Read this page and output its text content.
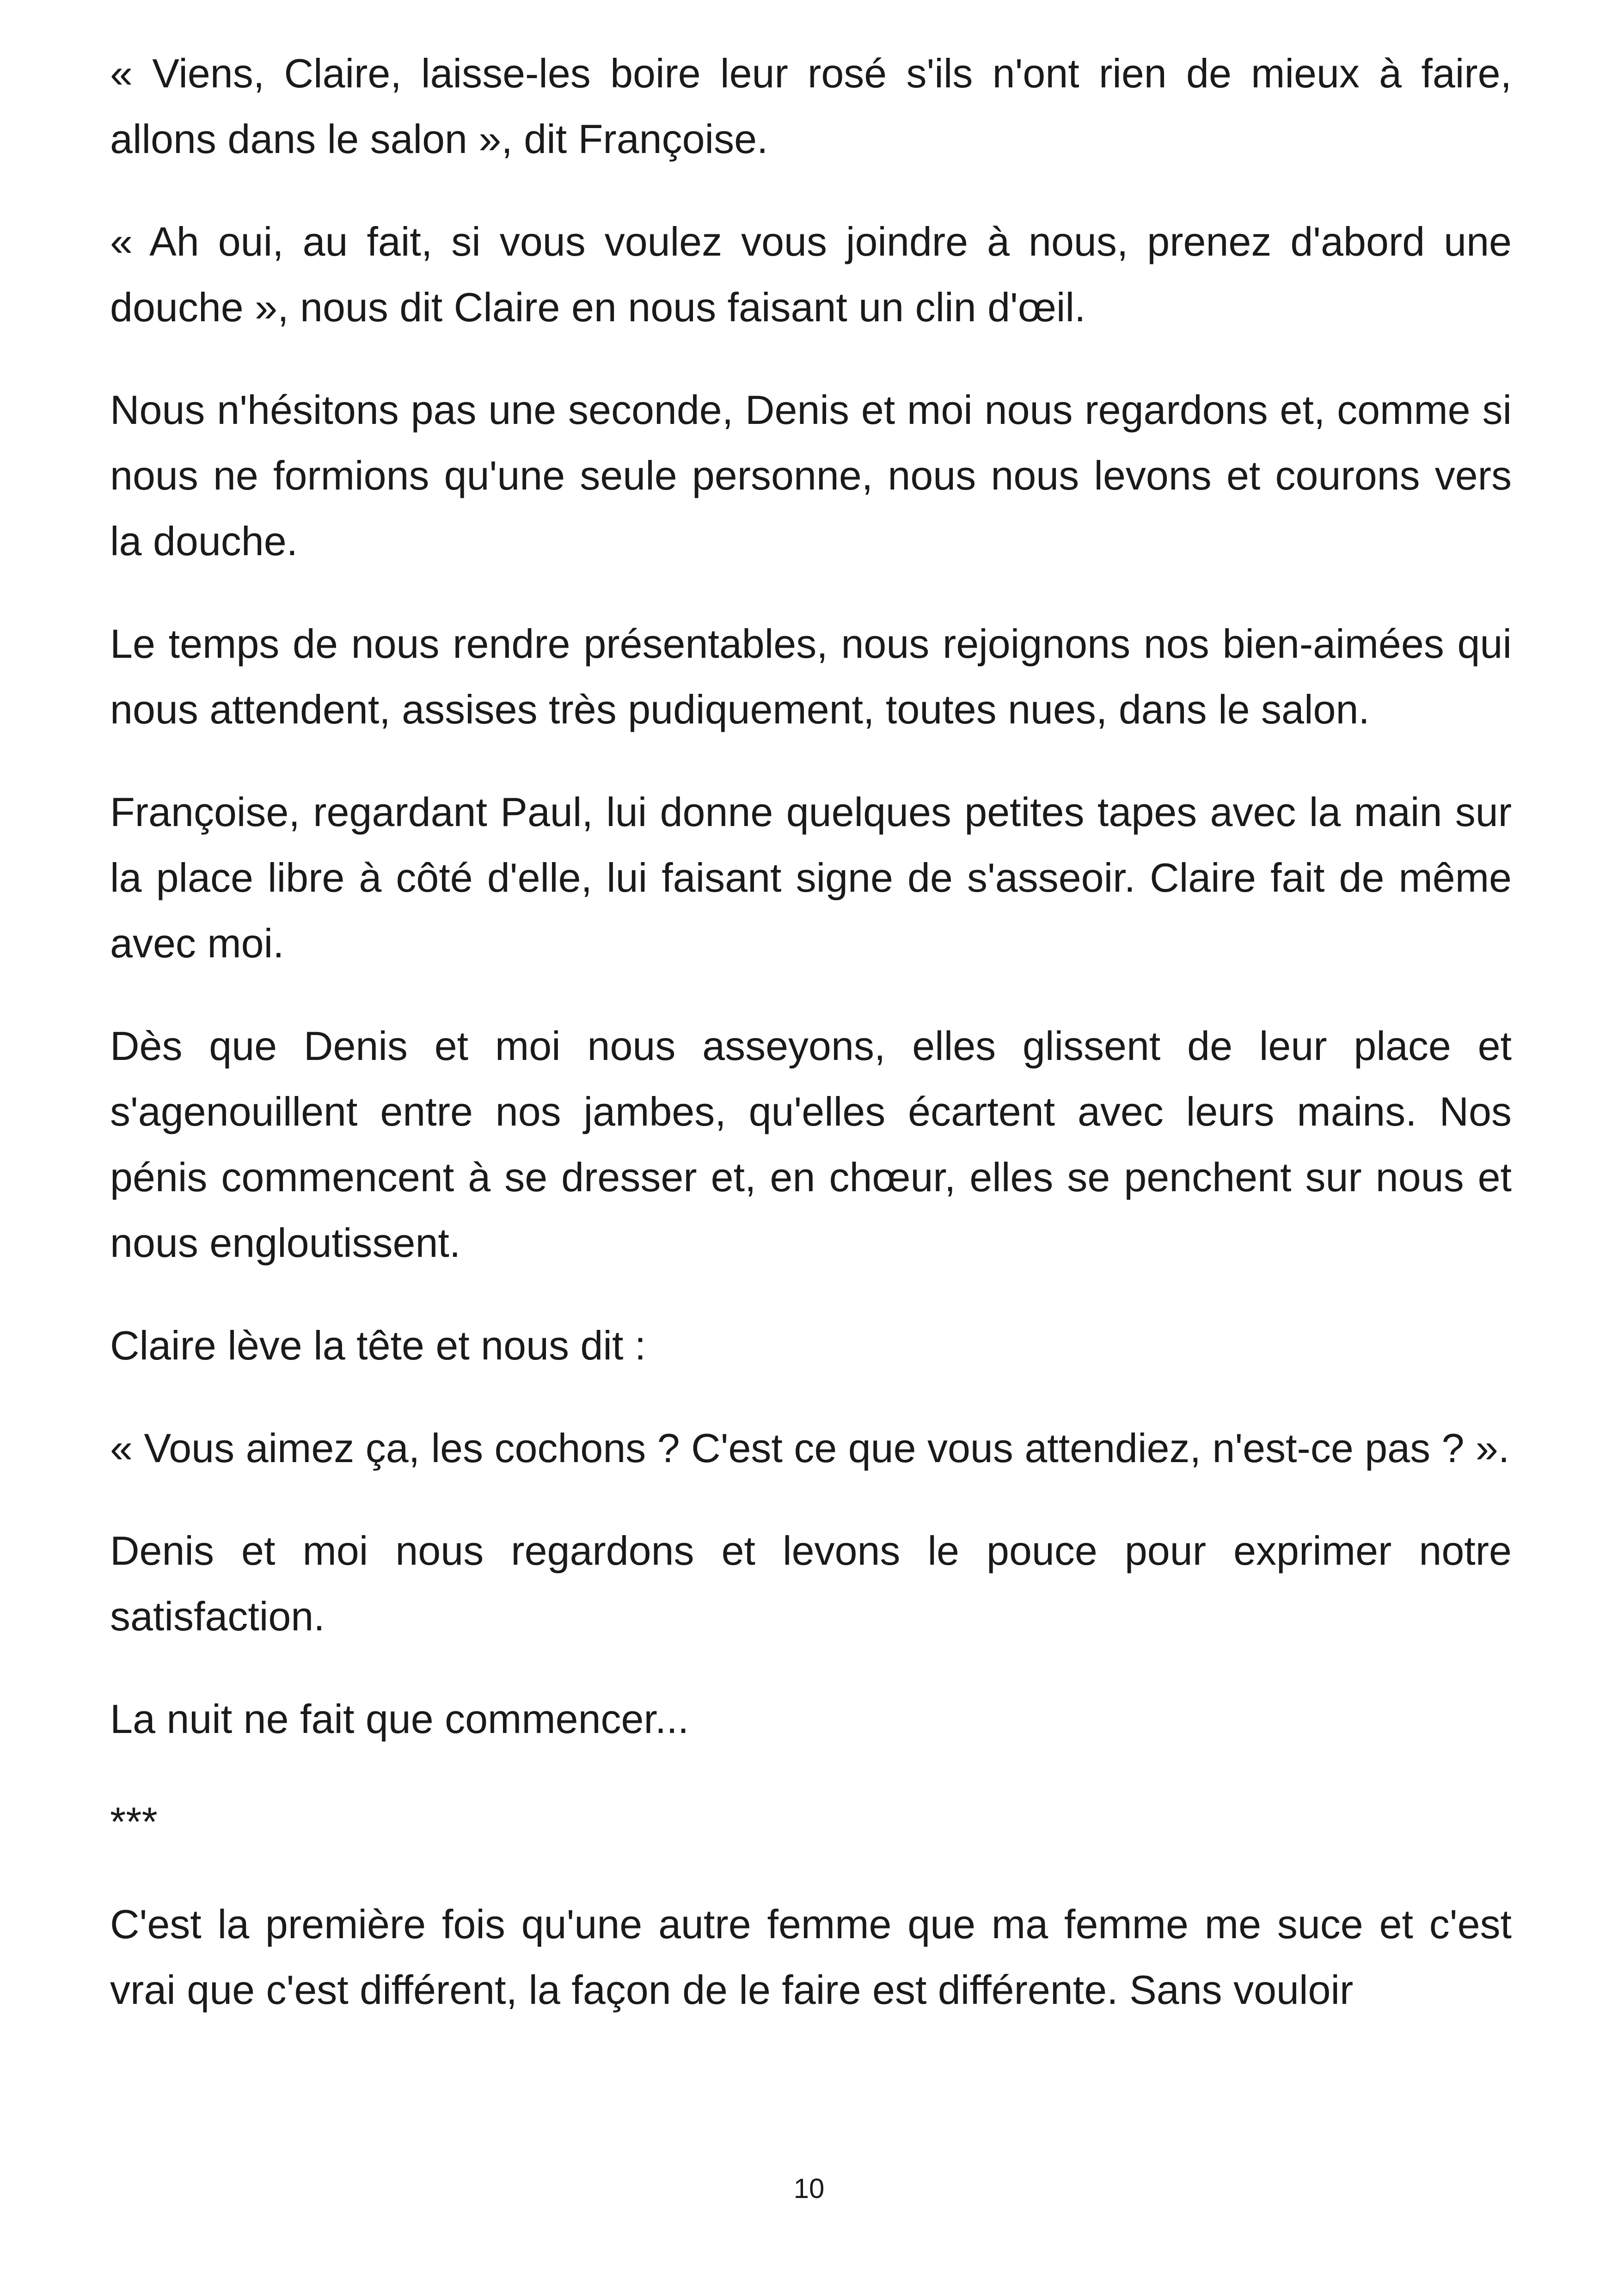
« Viens, Claire, laisse-les boire leur rosé s'ils n'ont rien de mieux à faire, allons dans le salon », dit Françoise.

« Ah oui, au fait, si vous voulez vous joindre à nous, prenez d'abord une douche », nous dit Claire en nous faisant un clin d'œil.

Nous n'hésitons pas une seconde, Denis et moi nous regardons et, comme si nous ne formions qu'une seule personne, nous nous levons et courons vers la douche.

Le temps de nous rendre présentables, nous rejoignons nos bien-aimées qui nous attendent, assises très pudiquement, toutes nues, dans le salon.

Françoise, regardant Paul, lui donne quelques petites tapes avec la main sur la place libre à côté d'elle, lui faisant signe de s'asseoir. Claire fait de même avec moi.

Dès que Denis et moi nous asseyons, elles glissent de leur place et s'agenouillent entre nos jambes, qu'elles écartent avec leurs mains. Nos pénis commencent à se dresser et, en chœur, elles se penchent sur nous et nous engloutissent.

Claire lève la tête et nous dit :

« Vous aimez ça, les cochons ? C'est ce que vous attendiez, n'est-ce pas ? ».

Denis et moi nous regardons et levons le pouce pour exprimer notre satisfaction.

La nuit ne fait que commencer...

***

C'est la première fois qu'une autre femme que ma femme me suce et c'est vrai que c'est différent, la façon de le faire est différente. Sans vouloir

10
